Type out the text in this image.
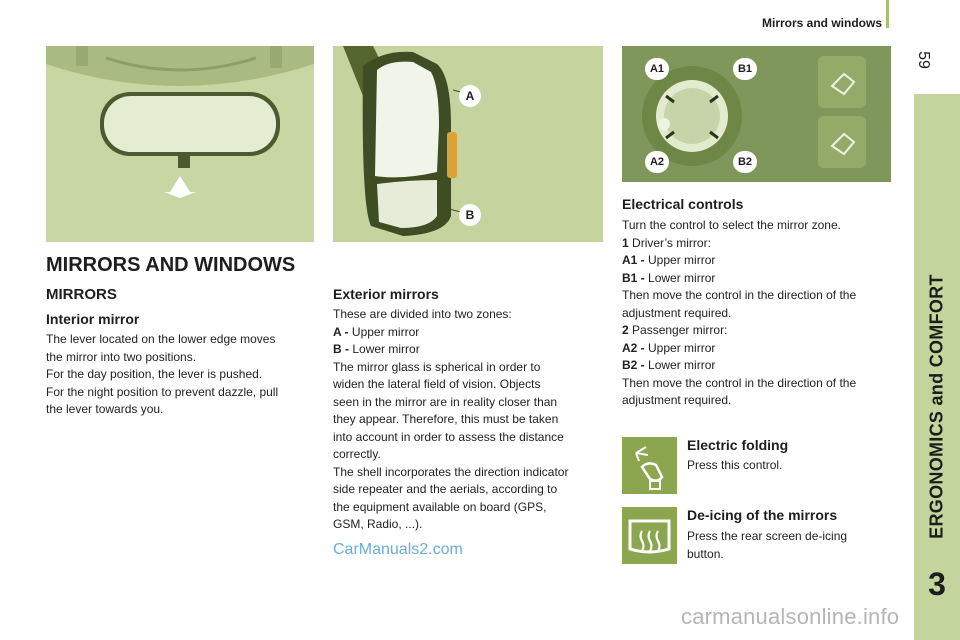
Mirrors and windows
59
ERGONOMICS and COMFORT
3
A
B
A1	B1
A2	B2
MIRRORS AND WINDOWS
MIRRORS
Interior mirror

The lever located on the lower edge moves

the mirror into two positions.

For the day position, the lever is pushed.

For the night position to prevent dazzle, pull

the lever towards you.

Exterior mirrors

These are divided into two zones:

A - Upper mirror

B - Lower mirror

The mirror glass is spherical in order to

widen the lateral field of vision. Objects

seen in the mirror are in reality closer than

they appear. Therefore, this must be taken

into account in order to assess the distance

correctly.

The shell incorporates the direction indicator

side repeater and the aerials, according to

the equipment available on board (GPS,

GSM, Radio, ...).

Electrical controls

Turn the control to select the mirror zone.

1 Driver’s mirror:

A1 - Upper mirror

B1 - Lower mirror

Then move the control in the direction of the

adjustment required.

2 Passenger mirror:

A2 - Upper mirror

B2 - Lower mirror

Then move the control in the direction of the

adjustment required.

Electric folding
Press this control.
De-icing of the mirrors

Press the rear screen de-icing

button.

CarManuals2.com
carmanualsonline.info
